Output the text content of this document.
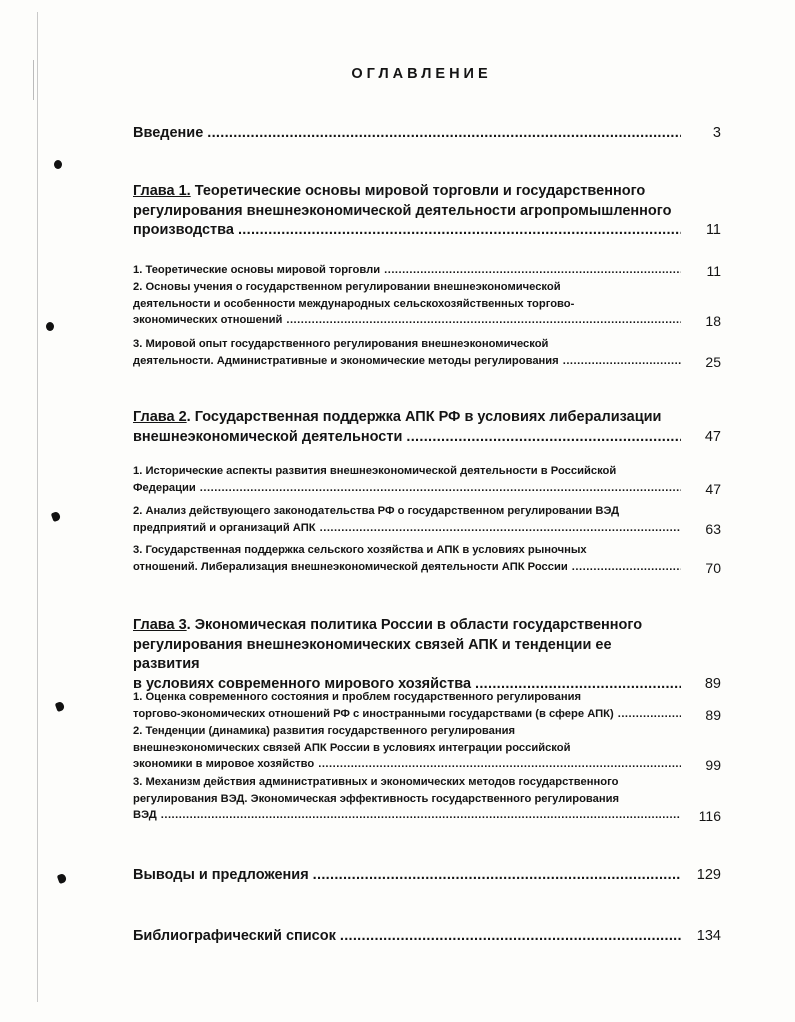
ОГЛАВЛЕНИЕ
Введение .....	3
Глава 1. Теоретические основы мировой торговли и государственного
регулирования внешнеэкономической деятельности агропромышленного
производства .....	11
1. Теоретические основы мировой торговли .....	11
2. Основы учения о государственном регулировании внешнеэкономической
деятельности и особенности международных сельскохозяйственных торгово-
экономических отношений .....	18
3. Мировой опыт государственного регулирования внешнеэкономической
деятельности. Административные и экономические методы регулирования .....	25
Глава 2. Государственная поддержка АПК РФ в условиях либерализации
внешнеэкономической деятельности .....	47
1. Исторические аспекты развития внешнеэкономической деятельности в Российской
Федерации .....	47
2. Анализ действующего законодательства РФ о государственном регулировании ВЭД
предприятий и организаций АПК .....	63
3. Государственная поддержка сельского хозяйства и АПК в условиях рыночных
отношений. Либерализация внешнеэкономической деятельности АПК России .....	70
Глава 3. Экономическая политика России в области государственного
регулирования внешнеэкономических связей АПК и тенденции ее развития
в условиях современного мирового хозяйства .....	89
1. Оценка современного состояния и проблем государственного регулирования
торгово-экономических отношений РФ с иностранными государствами (в сфере АПК) .....	89
2. Тенденции (динамика) развития государственного регулирования
внешнеэкономических связей АПК России в условиях интеграции российской
экономики в мировое хозяйство .....	99
3. Механизм действия административных и экономических методов государственного
регулирования ВЭД. Экономическая эффективность государственного регулирования
ВЭД .....	116
Выводы и предложения .....	129
Библиографический список .....	134
